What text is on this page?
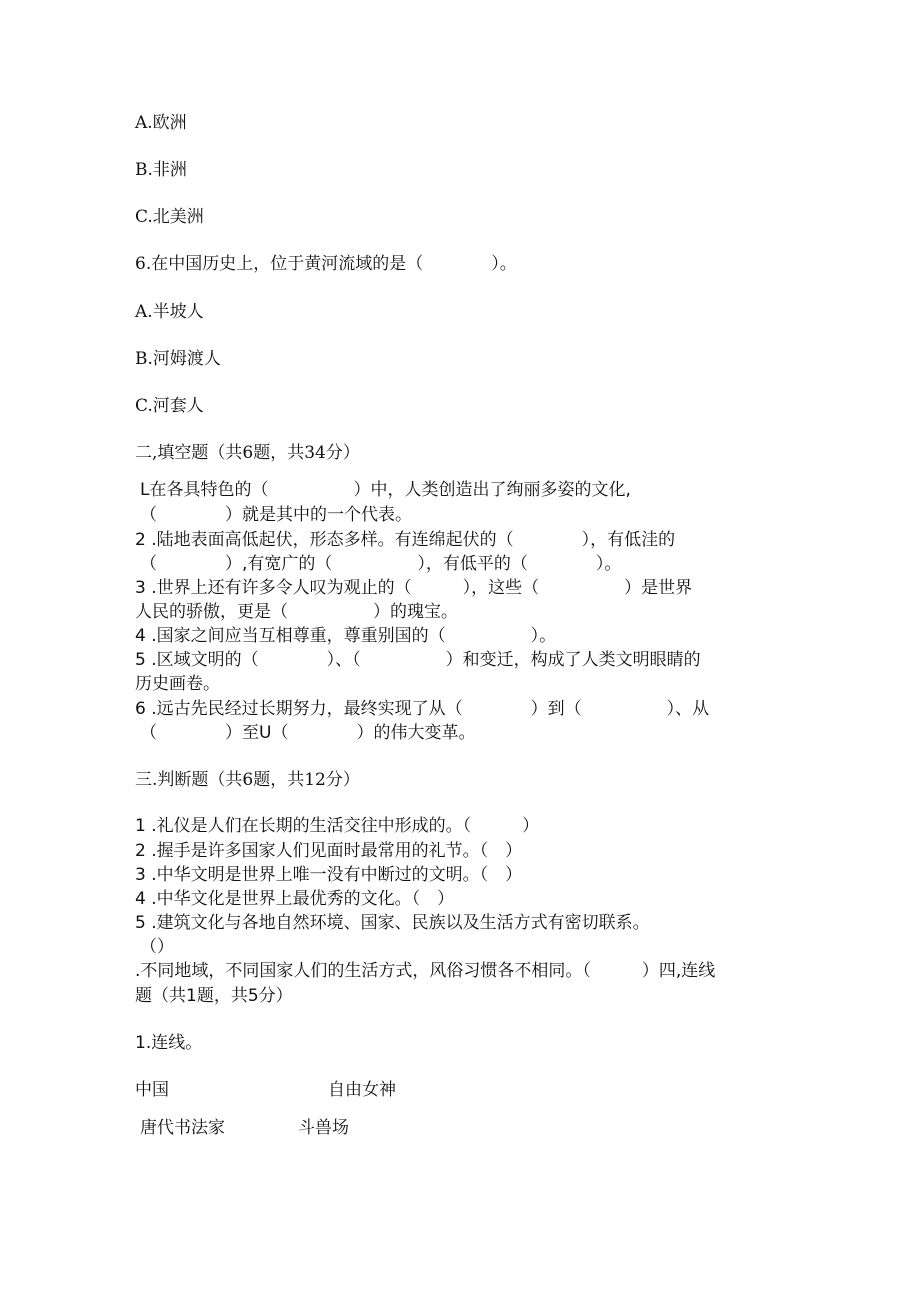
A.欧洲
B.非洲
C.北美洲
6.在中国历史上，位于黄河流域的是（　　　　）。
A.半坡人
B.河姆渡人
C.河套人
二,填空题（共6题，共34分）
L在各具特色的（　　　　　）中，人类创造出了绚丽多姿的文化,
（　　　　）就是其中的一个代表。
2 .陆地表面高低起伏，形态多样。有连绵起伏的（　　　　），有低洼的
（　　　　）,有宽广的（　　　　　），有低平的（　　　　）。
3 .世界上还有许多令人叹为观止的（　　　），这些（　　　　　）是世界
人民的骄傲，更是（　　　　　）的瑰宝。
4 .国家之间应当互相尊重，尊重别国的（　　　　　）。
5 .区域文明的（　　　　）、（　　　　　）和变迁，构成了人类文明眼睛的
历史画卷。
6 .远古先民经过长期努力，最终实现了从（　　　　）到（　　　　　）、从
（　　　　）至U（　　　　）的伟大变革。
三.判断题（共6题，共12分）
1 .礼仪是人们在长期的生活交往中形成的。（　　　）
2 .握手是许多国家人们见面时最常用的礼节。（　）
3 .中华文明是世界上唯一没有中断过的文明。（　）
4 .中华文化是世界上最优秀的文化。（　）
5 .建筑文化与各地自然环境、国家、民族以及生活方式有密切联系。
（）
.不同地域，不同国家人们的生活方式，风俗习惯各不相同。（　　　）四,连线
题（共1题，共5分）
1.连线。
中国	自由女神
唐代书法家	斗兽场
